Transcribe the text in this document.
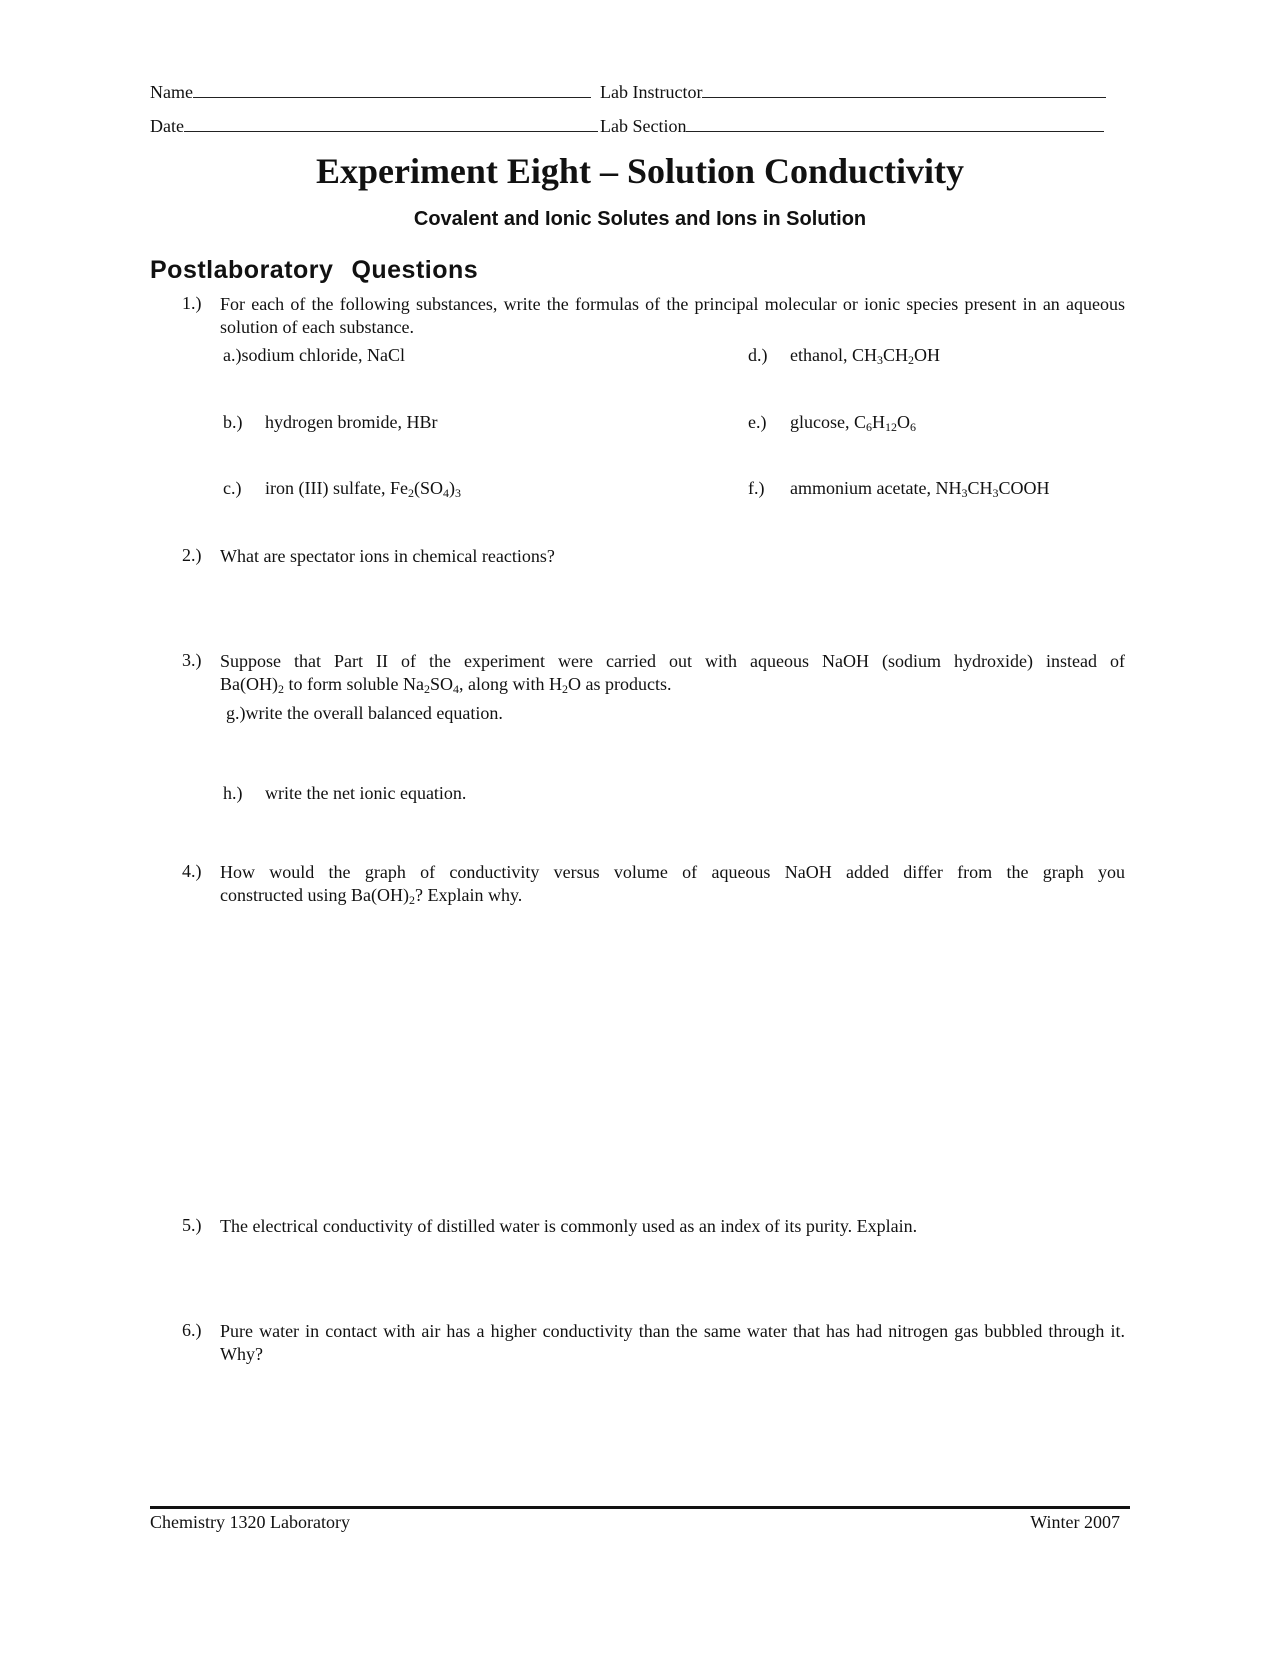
Name	Lab Instructor
Date	Lab Section
Experiment Eight – Solution Conductivity
Covalent and Ionic Solutes and Ions in Solution
Postlaboratory Questions
1.)	For each of the following substances, write the formulas of the principal molecular or ionic species present in an aqueous solution of each substance.
a.)sodium chloride, NaCl
b.) hydrogen bromide, HBr
c.) iron (III) sulfate, $Fe_2(SO_4)_3$
d.) ethanol, $CH_3CH_2OH$
e.) glucose, $C_6H_{12}O_6$
f.) ammonium acetate, $NH_3CH_3COOH$
2.)	What are spectator ions in chemical reactions?
3.)	Suppose that Part II of the experiment were carried out with aqueous NaOH (sodium hydroxide) instead of
$Ba(OH)_2$ to form soluble $Na_2SO_4$, along with $H_2O$ as products.
g.)write the overall balanced equation.
h.) write the net ionic equation.
4.)	How would the graph of conductivity versus volume of aqueous NaOH added differ from the graph you
constructed using $Ba(OH)_2$? Explain why.
5.)	The electrical conductivity of distilled water is commonly used as an index of its purity. Explain.
6.)	Pure water in contact with air has a higher conductivity than the same water that has had nitrogen gas bubbled through it. Why?
Chemistry 1320 Laboratory	Winter 2007
